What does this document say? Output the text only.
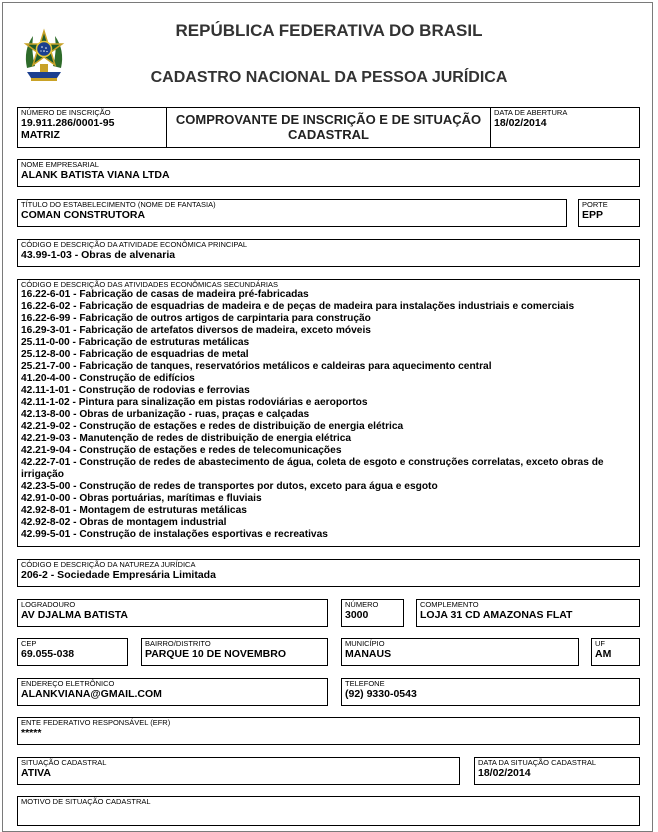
REPÚBLICA FEDERATIVA DO BRASIL
CADASTRO NACIONAL DA PESSOA JURÍDICA
NÚMERO DE INSCRIÇÃO
19.911.286/0001-95
MATRIZ
COMPROVANTE DE INSCRIÇÃO E DE SITUAÇÃO CADASTRAL
DATA DE ABERTURA
18/02/2014
NOME EMPRESARIAL
ALANK BATISTA VIANA LTDA
TÍTULO DO ESTABELECIMENTO (NOME DE FANTASIA)
COMAN CONSTRUTORA
PORTE
EPP
CÓDIGO E DESCRIÇÃO DA ATIVIDADE ECONÔMICA PRINCIPAL
43.99-1-03 - Obras de alvenaria
CÓDIGO E DESCRIÇÃO DAS ATIVIDADES ECONÔMICAS SECUNDÁRIAS
16.22-6-01 - Fabricação de casas de madeira pré-fabricadas
16.22-6-02 - Fabricação de esquadrias de madeira e de peças de madeira para instalações industriais e comerciais
16.22-6-99 - Fabricação de outros artigos de carpintaria para construção
16.29-3-01 - Fabricação de artefatos diversos de madeira, exceto móveis
25.11-0-00 - Fabricação de estruturas metálicas
25.12-8-00 - Fabricação de esquadrias de metal
25.21-7-00 - Fabricação de tanques, reservatórios metálicos e caldeiras para aquecimento central
41.20-4-00 - Construção de edifícios
42.11-1-01 - Construção de rodovias e ferrovias
42.11-1-02 - Pintura para sinalização em pistas rodoviárias e aeroportos
42.13-8-00 - Obras de urbanização - ruas, praças e calçadas
42.21-9-02 - Construção de estações e redes de distribuição de energia elétrica
42.21-9-03 - Manutenção de redes de distribuição de energia elétrica
42.21-9-04 - Construção de estações e redes de telecomunicações
42.22-7-01 - Construção de redes de abastecimento de água, coleta de esgoto e construções correlatas, exceto obras de irrigação
42.23-5-00 - Construção de redes de transportes por dutos, exceto para água e esgoto
42.91-0-00 - Obras portuárias, marítimas e fluviais
42.92-8-01 - Montagem de estruturas metálicas
42.92-8-02 - Obras de montagem industrial
42.99-5-01 - Construção de instalações esportivas e recreativas
CÓDIGO E DESCRIÇÃO DA NATUREZA JURÍDICA
206-2 - Sociedade Empresária Limitada
LOGRADOURO
AV DJALMA BATISTA
NÚMERO
3000
COMPLEMENTO
LOJA 31 CD AMAZONAS FLAT
CEP
69.055-038
BAIRRO/DISTRITO
PARQUE 10 DE NOVEMBRO
MUNICÍPIO
MANAUS
UF
AM
ENDEREÇO ELETRÔNICO
ALANKVIANA@GMAIL.COM
TELEFONE
(92) 9330-0543
ENTE FEDERATIVO RESPONSÁVEL (EFR)
*****
SITUAÇÃO CADASTRAL
ATIVA
DATA DA SITUAÇÃO CADASTRAL
18/02/2014
MOTIVO DE SITUAÇÃO CADASTRAL
